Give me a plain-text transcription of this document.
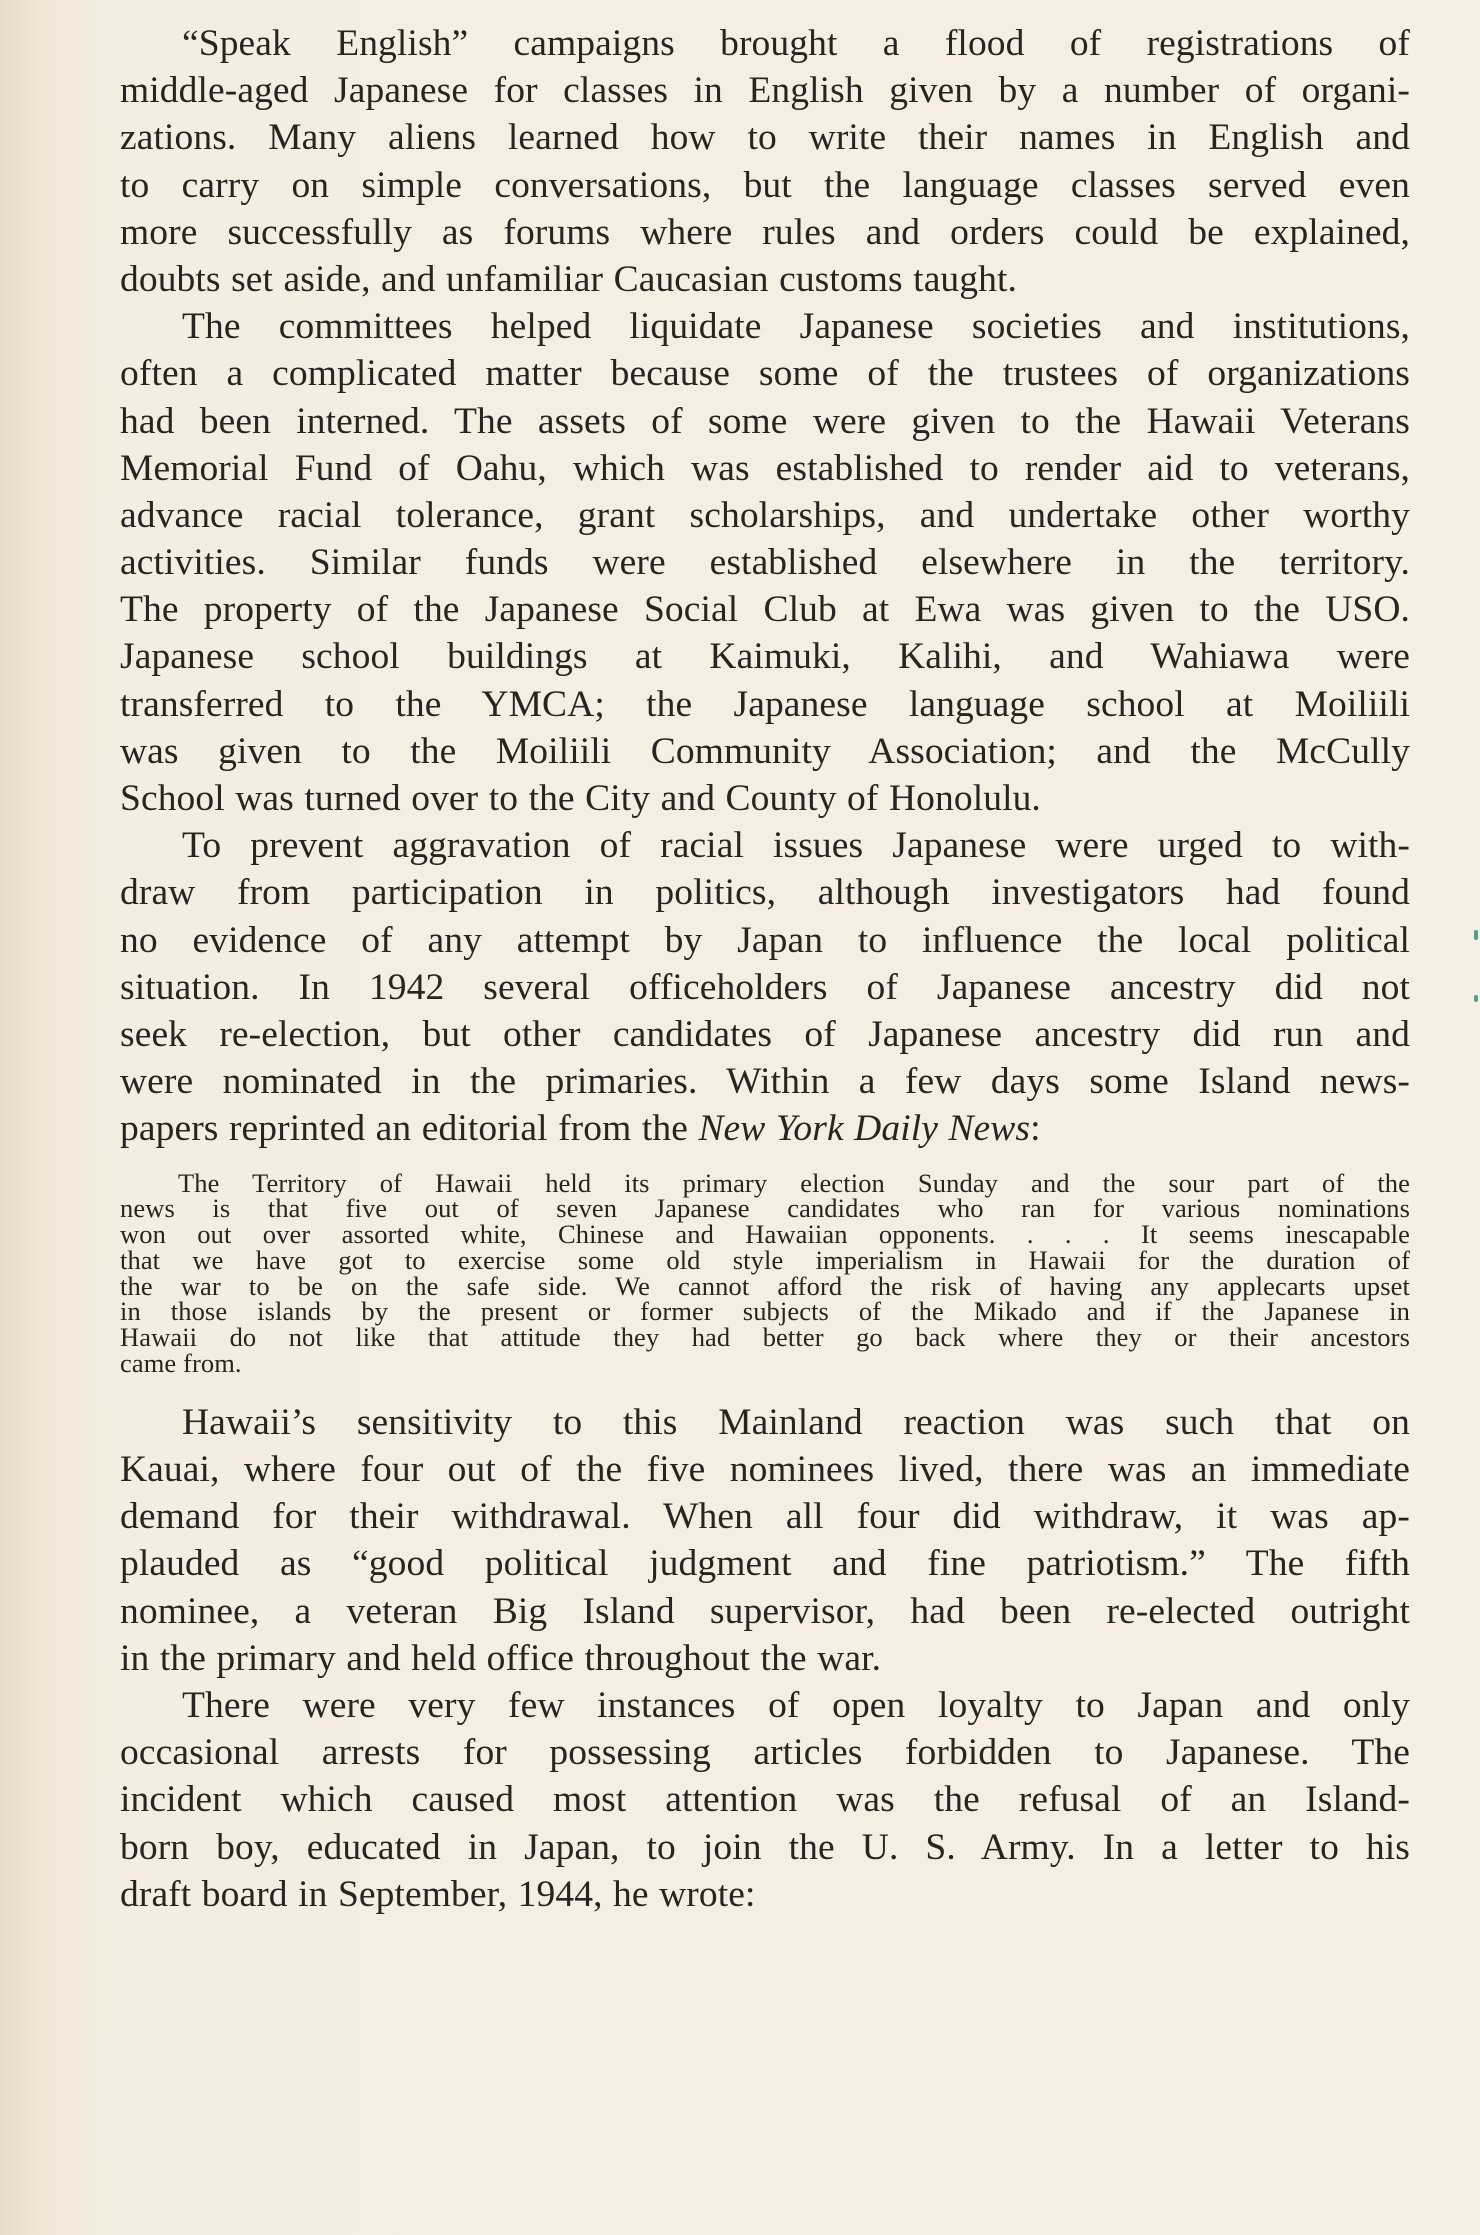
“Speak English” campaigns brought a flood of registrations of
middle-aged Japanese for classes in English given by a number of organi-
zations. Many aliens learned how to write their names in English and
to carry on simple conversations, but the language classes served even
more successfully as forums where rules and orders could be explained,
doubts set aside, and unfamiliar Caucasian customs taught.
The committees helped liquidate Japanese societies and institutions,
often a complicated matter because some of the trustees of organizations
had been interned. The assets of some were given to the Hawaii Veterans
Memorial Fund of Oahu, which was established to render aid to veterans,
advance racial tolerance, grant scholarships, and undertake other worthy
activities. Similar funds were established elsewhere in the territory.
The property of the Japanese Social Club at Ewa was given to the USO.
Japanese school buildings at Kaimuki, Kalihi, and Wahiawa were
transferred to the YMCA; the Japanese language school at Moiliili
was given to the Moiliili Community Association; and the McCully
School was turned over to the City and County of Honolulu.
To prevent aggravation of racial issues Japanese were urged to with-
draw from participation in politics, although investigators had found
no evidence of any attempt by Japan to influence the local political
situation. In 1942 several officeholders of Japanese ancestry did not
seek re-election, but other candidates of Japanese ancestry did run and
were nominated in the primaries. Within a few days some Island news-
papers reprinted an editorial from the New York Daily News:
The Territory of Hawaii held its primary election Sunday and the sour part of the
news is that five out of seven Japanese candidates who ran for various nominations
won out over assorted white, Chinese and Hawaiian opponents. . . . It seems inescapable
that we have got to exercise some old style imperialism in Hawaii for the duration of
the war to be on the safe side. We cannot afford the risk of having any applecarts upset
in those islands by the present or former subjects of the Mikado and if the Japanese in
Hawaii do not like that attitude they had better go back where they or their ancestors
came from.
Hawaii’s sensitivity to this Mainland reaction was such that on
Kauai, where four out of the five nominees lived, there was an immediate
demand for their withdrawal. When all four did withdraw, it was ap-
plauded as “good political judgment and fine patriotism.” The fifth
nominee, a veteran Big Island supervisor, had been re-elected outright
in the primary and held office throughout the war.
There were very few instances of open loyalty to Japan and only
occasional arrests for possessing articles forbidden to Japanese. The
incident which caused most attention was the refusal of an Island-
born boy, educated in Japan, to join the U. S. Army. In a letter to his
draft board in September, 1944, he wrote:
